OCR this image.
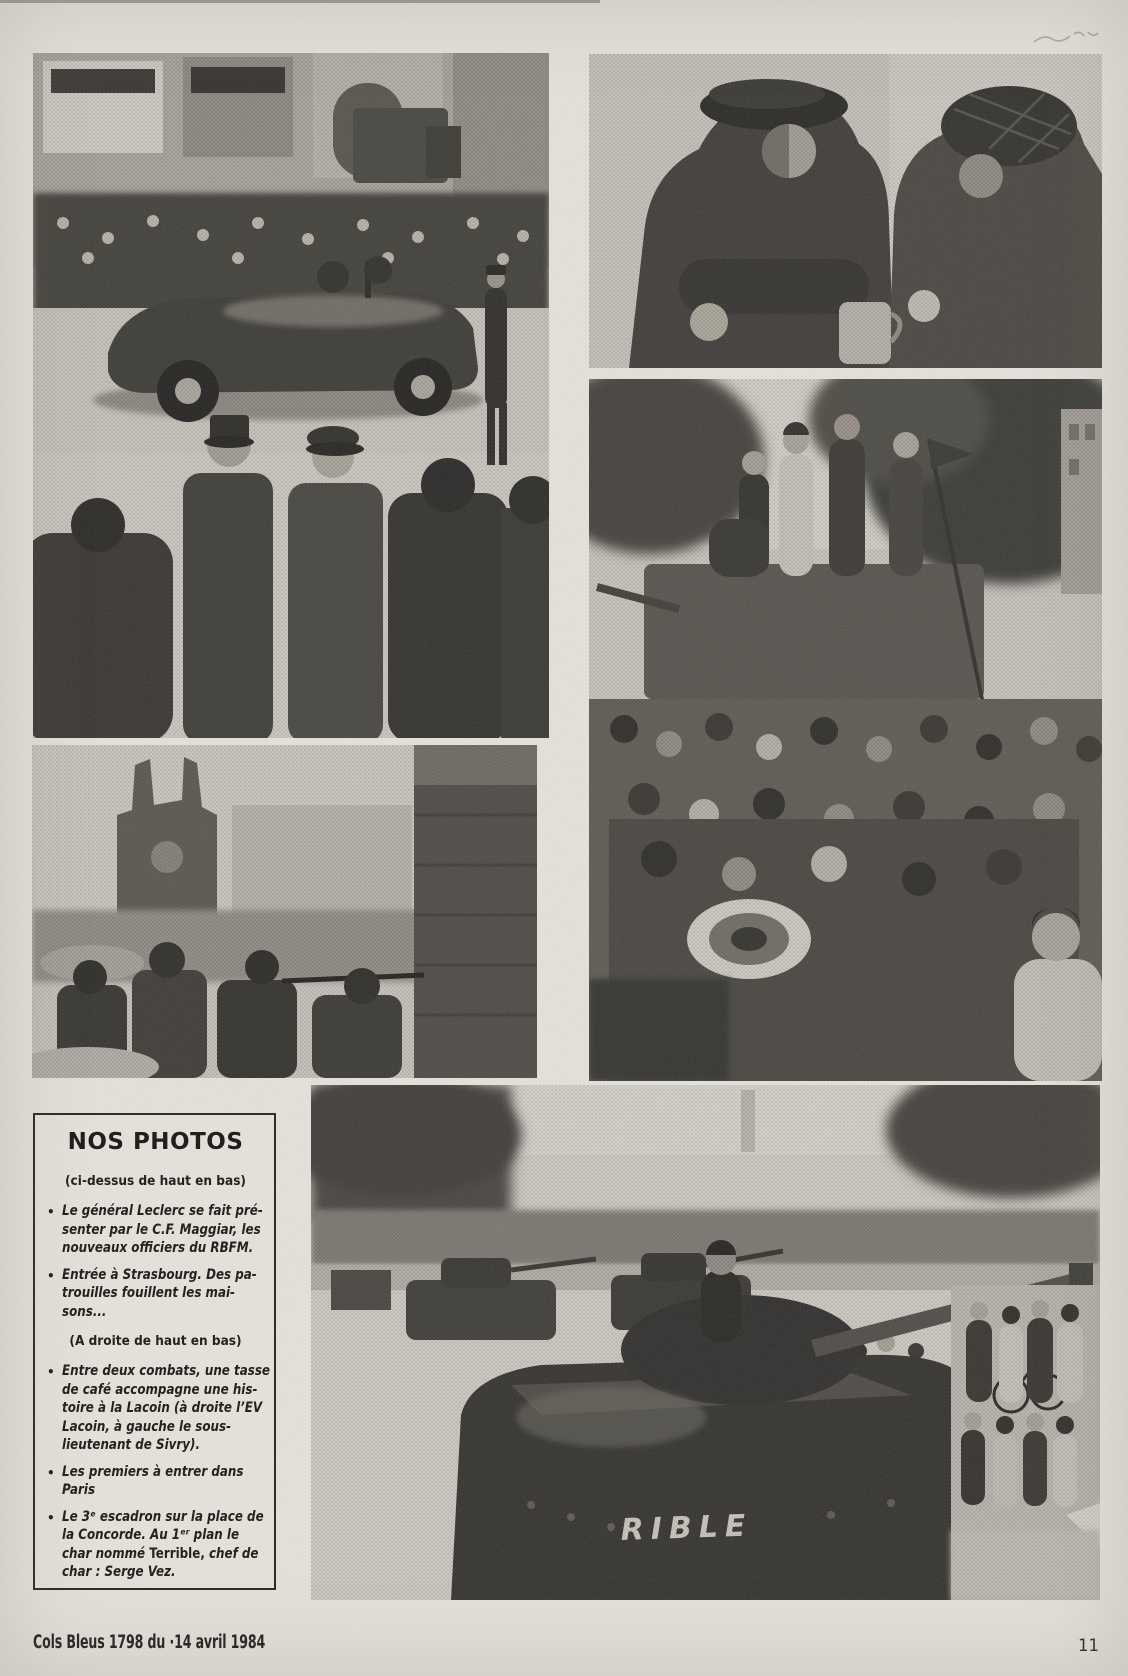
NOS PHOTOS

(ci-dessus de haut en bas)

• Le général Leclerc se fait pré-
senter par le C.F. Maggiar, les
nouveaux officiers du RBFM.
• Entrée à Strasbourg. Des pa-
trouilles fouillent les mai-
sons...

(A droite de haut en bas)

• Entre deux combats, une tasse
de café accompagne une his-
toire à la Lacoin (à droite l’EV
Lacoin, à gauche le sous-
lieutenant de Sivry).
• Les premiers à entrer dans
Paris
• Le 3ᵉ escadron sur la place de
la Concorde. Au 1ᵉʳ plan le
char nommé Terrible, chef de
char : Serge Vez.
Cols Bleus 1798 du ·14 avril 1984	11
